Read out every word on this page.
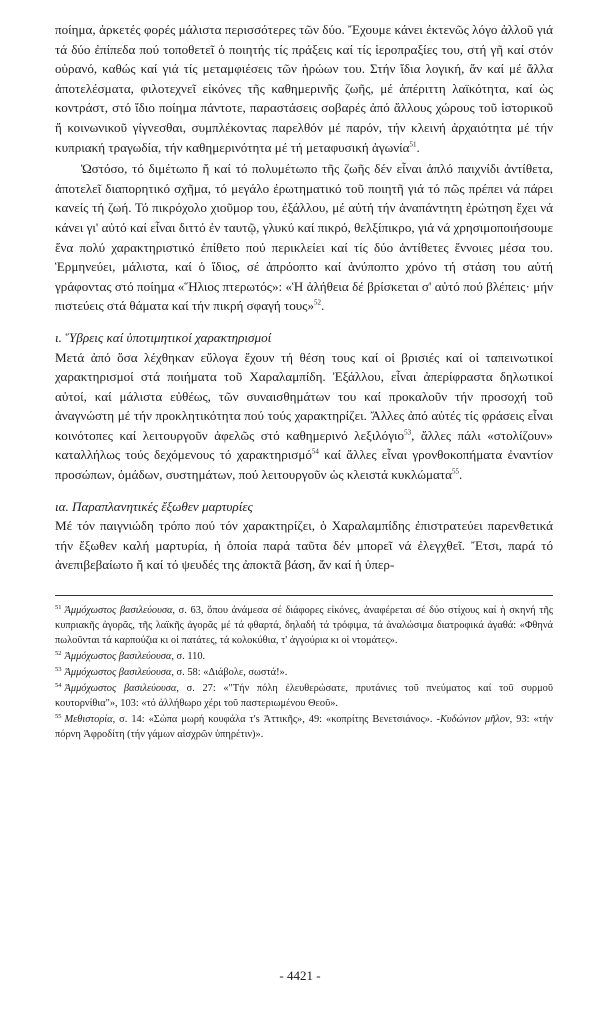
ποίημα, ἀρκετές φορές μάλιστα περισσότερες τῶν δύο. Ἔχουμε κάνει ἐκτενῶς λόγο ἀλλοῦ γιά τά δύο ἐπίπεδα πού τοποθετεῖ ὁ ποιητής τίς πράξεις καί τίς ἱεροπραξίες του, στή γῆ καί στόν οὐρανό, καθώς καί γιά τίς μεταμφιέσεις τῶν ἡρώων του. Στήν ἴδια λογική, ἄν καί μέ ἄλλα ἀποτελέσματα, φιλοτεχνεῖ εἰκόνες τῆς καθημερινῆς ζωῆς, μέ ἀπέριττη λαϊκότητα, καί ὡς κοντράστ, στό ἴδιο ποίημα πάντοτε, παραστάσεις σοβαρές ἀπό ἄλλους χώρους τοῦ ἱστορικοῦ ἤ κοινωνικοῦ γίγνεσθαι, συμπλέκοντας παρελθόν μέ παρόν, τήν κλεινή ἀρχαιότητα μέ τήν κυπριακή τραγωδία, τήν καθημερινότητα μέ τή μεταφυσική ἀγωνία$^{51}$.

Ὡστόσο, τό διμέτωπο ἤ καί τό πολυμέτωπο τῆς ζωῆς δέν εἶναι ἁπλό παιχνίδι ἀντίθετα, ἀποτελεῖ διαπορητικό σχῆμα, τό μεγάλο ἐρωτηματικό τοῦ ποιητῆ γιά τό πῶς πρέπει νά πάρει κανείς τή ζωή. Τό πικρόχολο χιοῦμορ του, ἐξάλλου, μέ αὐτή τήν ἀναπάντητη ἐρώτηση ἔχει νά κάνει γι' αὐτό καί εἶναι διττό ἐν ταυτῷ, γλυκύ καί πικρό, θελξίπικρο, γιά νά χρησιμοποιήσουμε ἕνα πολύ χαρακτηριστικό ἐπίθετο πού περικλείει καί τίς δύο ἀντίθετες ἔννοιες μέσα του. Ἑρμηνεύει, μάλιστα, καί ὁ ἴδιος, σέ ἀπρόοπτο καί ἀνύποπτο χρόνο τή στάση του αὐτή γράφοντας στό ποίημα «Ἥλιος πτερωτός»: «Ἡ ἀλήθεια δέ βρίσκεται σ' αὐτό πού βλέπεις· μήν πιστεύεις στά θάματα καί τήν πικρή σφαγή τους»$^{52}$.

ι. Ὕβρεις καί ὑποτιμητικοί χαρακτηρισμοί

Μετά ἀπό ὅσα λέχθηκαν εὔλογα ἔχουν τή θέση τους καί οἱ βρισιές καί οἱ ταπεινωτικοί χαρακτηρισμοί στά ποιήματα τοῦ Χαραλαμπίδη. Ἐξάλλου, εἶναι ἀπερίφραστα δηλωτικοί αὐτοί, καί μάλιστα εὐθέως, τῶν συναισθημάτων του καί προκαλοῦν τήν προσοχή τοῦ ἀναγνώστη μέ τήν προκλητικότητα πού τούς χαρακτηρίζει. Ἄλλες ἀπό αὐτές τίς φράσεις εἶναι κοινότοπες καί λειτουργοῦν ἀφελῶς στό καθημερινό λεξιλόγιο$^{53}$, ἄλλες πάλι «στολίζουν» καταλλήλως τούς δεχόμενους τό χαρακτηρισμό$^{54}$ καί ἄλλες εἶναι γρονθοκοπήματα ἐναντίον προσώπων, ὁμάδων, συστημάτων, πού λειτουργοῦν ὡς κλειστά κυκλώματα$^{55}$.

ια. Παραπλανητικές ἔξωθεν μαρτυρίες

Μέ τόν παιγνιώδη τρόπο πού τόν χαρακτηρίζει, ὁ Χαραλαμπίδης ἐπιστρατεύει παρενθετικά τήν ἔξωθεν καλή μαρτυρία, ἡ ὁποία παρά ταῦτα δέν μπορεῖ νά ἐλεγχθεῖ. Ἔτσι, παρά τό ἀνεπιβεβαίωτο ἤ καί τό ψευδές της ἀποκτᾶ βάση, ἄν καί ἡ ὑπερ-

$^{51}$ Ἀμμόχωστος βασιλεύουσα, σ. 63, ὅπου ἀνάμεσα σέ διάφορες εἰκόνες, ἀναφέρεται σέ δύο στίχους καί ἡ σκηνή τῆς κυπριακῆς ἀγορᾶς, τῆς λαϊκῆς ἀγορᾶς μέ τά φθαρτά, δηλαδή τά τρόφιμα, τά ἀναλώσιμα διατροφικά ἀγαθά: «Φθηνά πωλοῦνται τά καρπούζια κι οἱ πατάτες, τά κολοκύθια, τ' ἀγγούρια κι οἱ ντομάτες».

$^{52}$ Ἀμμόχωστος βασιλεύουσα, σ. 110.

$^{53}$ Ἀμμόχωστος βασιλεύουσα, σ. 58: «Διάβολε, σωστά!».

$^{54}$ Ἀμμόχωστος βασιλεύουσα, σ. 27: «"Τήν πόλη ἐλευθερώσατε, πρυτάνιες τοῦ πνεύματος καί τοῦ συρμοῦ κουτορνίθια"», 103: «τό ἀλλήθωρο χέρι τοῦ παστεριωμένου Θεοῦ».

$^{55}$ Μεθιστορία, σ. 14: «Σώπα μωρή κουφάλα τ's Ἀττικῆς», 49: «κοπρίτης Βενετσιάνος». -Κυδώνιον μῆλον, 93: «τήν πόρνη Ἀφροδίτη (τήν γάμων αἰσχρῶν ὑπηρέτιν)».

- 4421 -
